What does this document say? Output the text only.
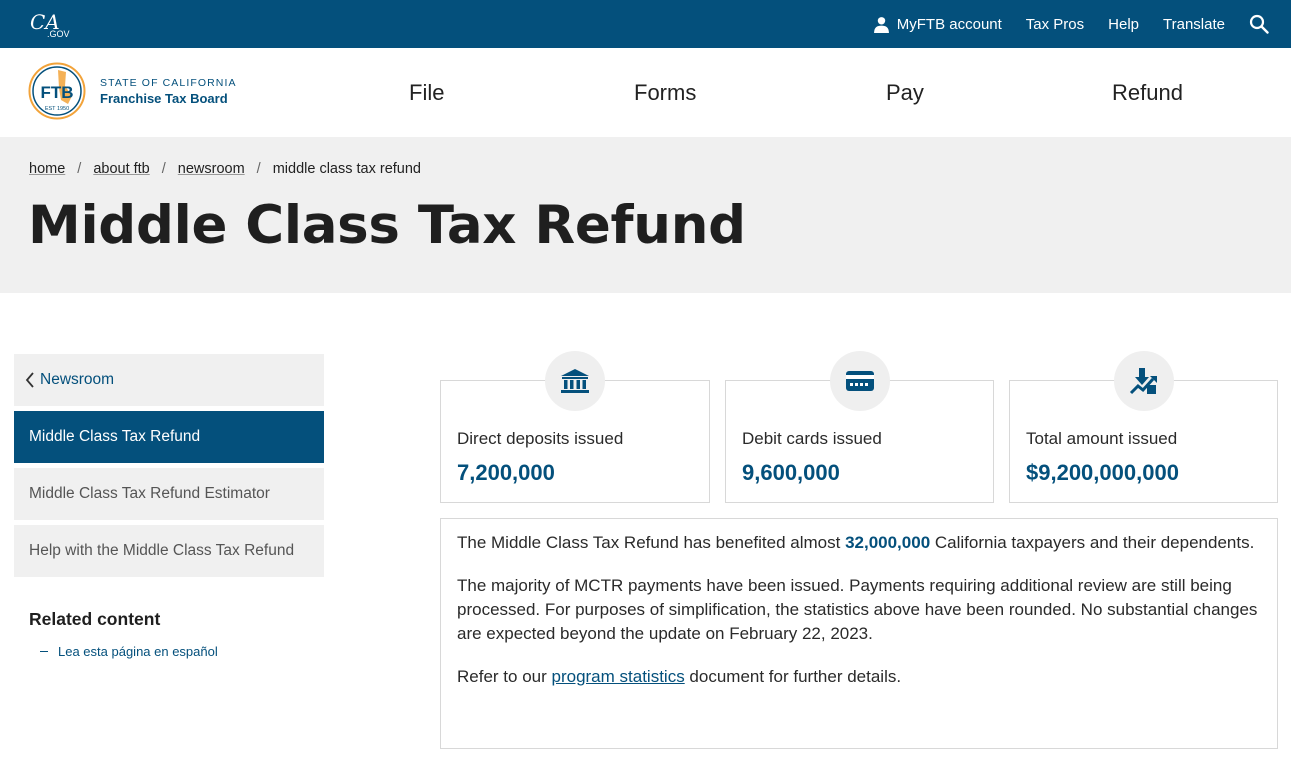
CA
.GOV
MyFTB account Tax Pros Help Translate
FTB
EST 1950
STATE OF CALIFORNIA
Franchise Tax Board	File	Forms	Pay	Refund
home / about ftb / newsroom / middle class tax refund
Middle Class Tax Refund
Newsroom
Middle Class Tax Refund
Middle Class Tax Refund Estimator
Help with the Middle Class Tax Refund
Related content
Lea esta página en español
Direct deposits issued
7,200,000
Debit cards issued
9,600,000
Total amount issued
$9,200,000,000

The Middle Class Tax Refund has benefited almost 32,000,000 California taxpayers and their dependents.

The majority of MCTR payments have been issued. Payments requiring additional review are still being processed. For purposes of simplification, the statistics above have been rounded. No substantial changes are expected beyond the update on February 22, 2023.

Refer to our program statistics document for further details.
